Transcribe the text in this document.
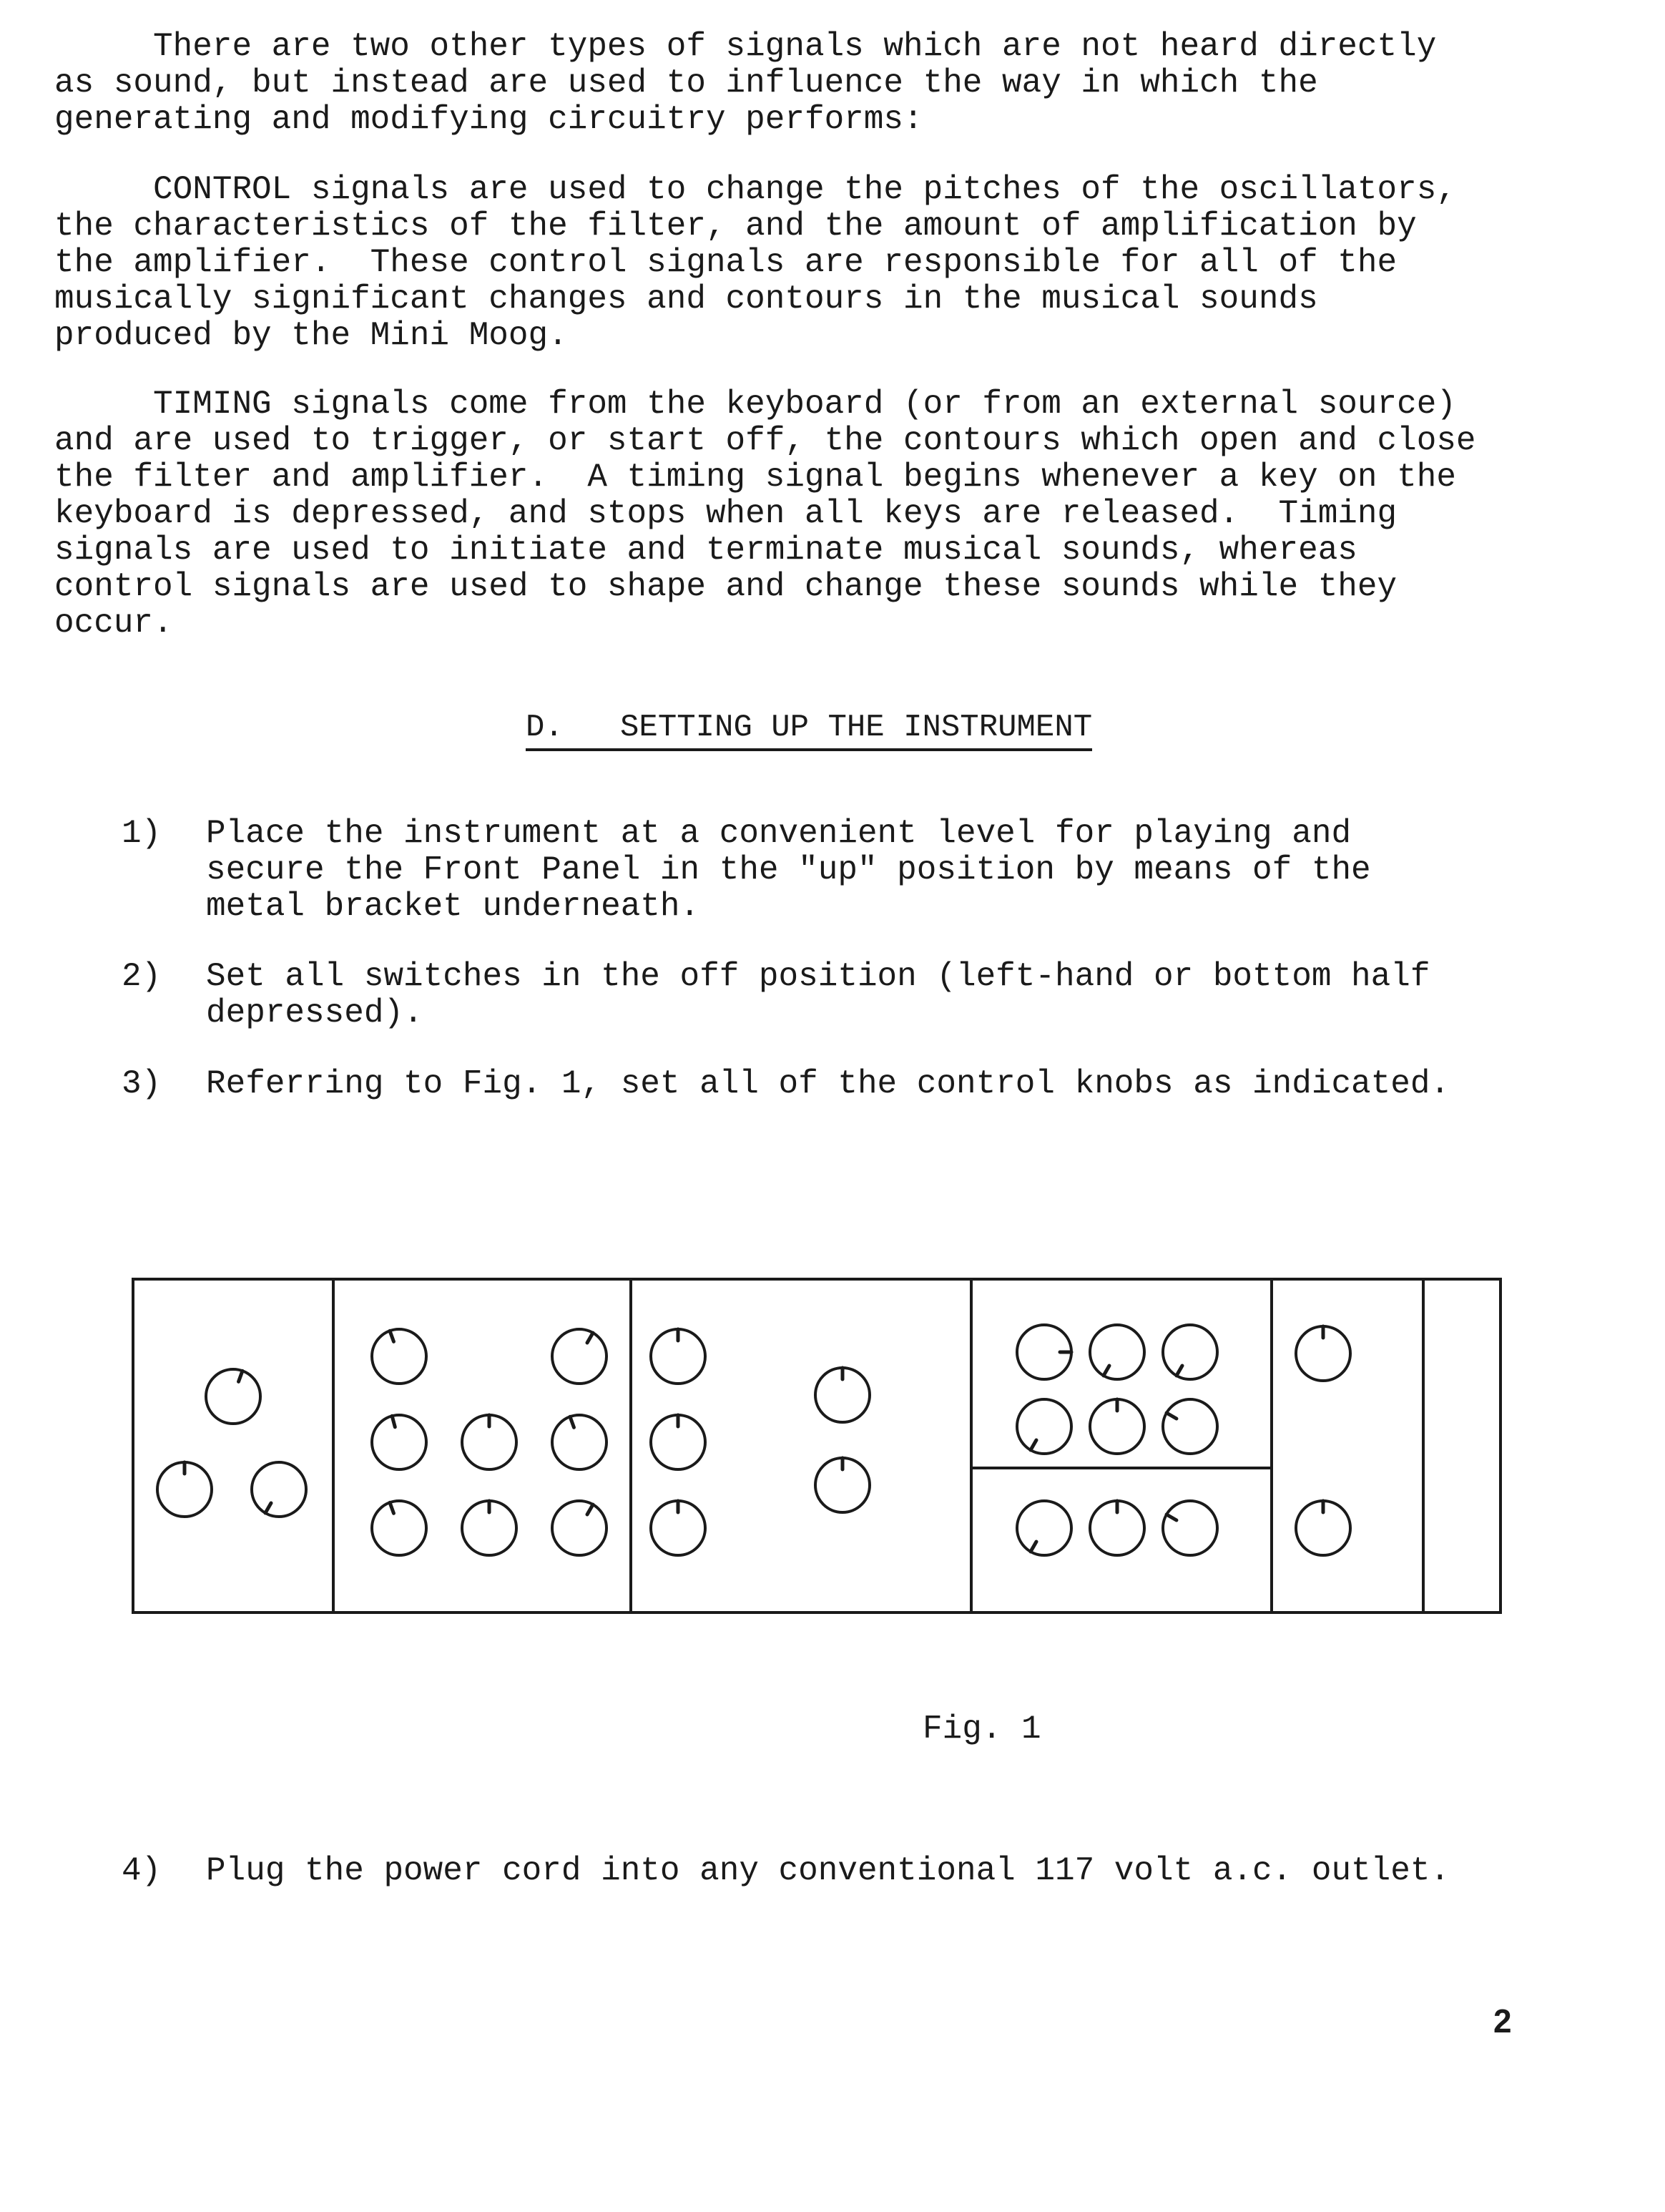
There are two other types of signals which are not heard directly
as sound, but instead are used to influence the way in which the
generating and modifying circuitry performs:
CONTROL signals are used to change the pitches of the oscillators,
the characteristics of the filter, and the amount of amplification by
the amplifier.  These control signals are responsible for all of the
musically significant changes and contours in the musical sounds
produced by the Mini Moog.
TIMING signals come from the keyboard (or from an external source)
and are used to trigger, or start off, the contours which open and close
the filter and amplifier.  A timing signal begins whenever a key on the
keyboard is depressed, and stops when all keys are released.  Timing
signals are used to initiate and terminate musical sounds, whereas
control signals are used to shape and change these sounds while they
occur.
D.   SETTING UP THE INSTRUMENT
1) Place the instrument at a convenient level for playing and
secure the Front Panel in the "up" position by means of the
metal bracket underneath.
2) Set all switches in the off position (left-hand or bottom half
depressed).
3) Referring to Fig. 1, set all of the control knobs as indicated.
Fig. 1
4) Plug the power cord into any conventional 117 volt a.c. outlet.
2
